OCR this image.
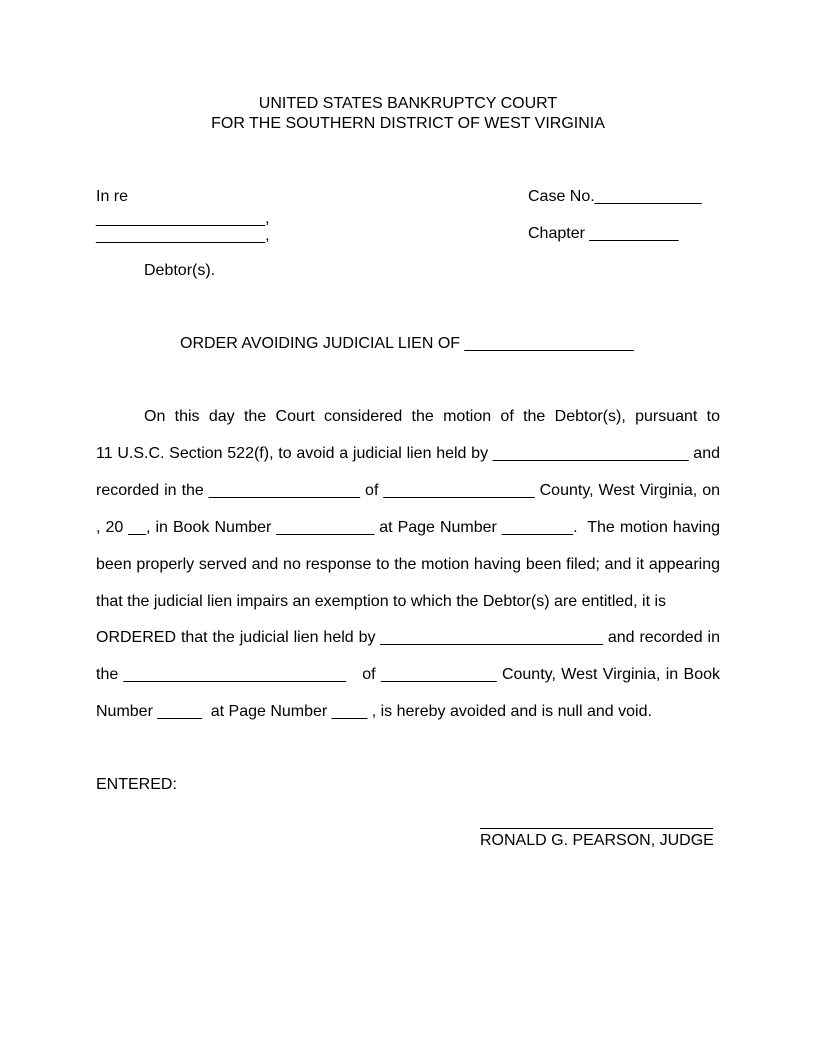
UNITED STATES BANKRUPTCY COURT
FOR THE SOUTHERN DISTRICT OF WEST VIRGINIA
In re
___________________,
___________________,
Debtor(s).
Case No.____________
Chapter __________
ORDER AVOIDING JUDICIAL LIEN OF ___________________
On this day the Court considered the motion of the Debtor(s), pursuant to
11 U.S.C. Section 522(f), to avoid a judicial lien held by ______________________ and
recorded in the _________________ of _________________ County, West Virginia, on
, 20 __, in Book Number ___________ at Page Number ________.  The motion having
been properly served and no response to the motion having been filed; and it appearing
that the judicial lien impairs an exemption to which the Debtor(s) are entitled, it is
ORDERED that the judicial lien held by _________________________ and recorded in
the _________________________   of _____________ County, West Virginia, in Book
Number _____  at Page Number ____ , is hereby avoided and is null and void.
ENTERED:
RONALD G. PEARSON, JUDGE
